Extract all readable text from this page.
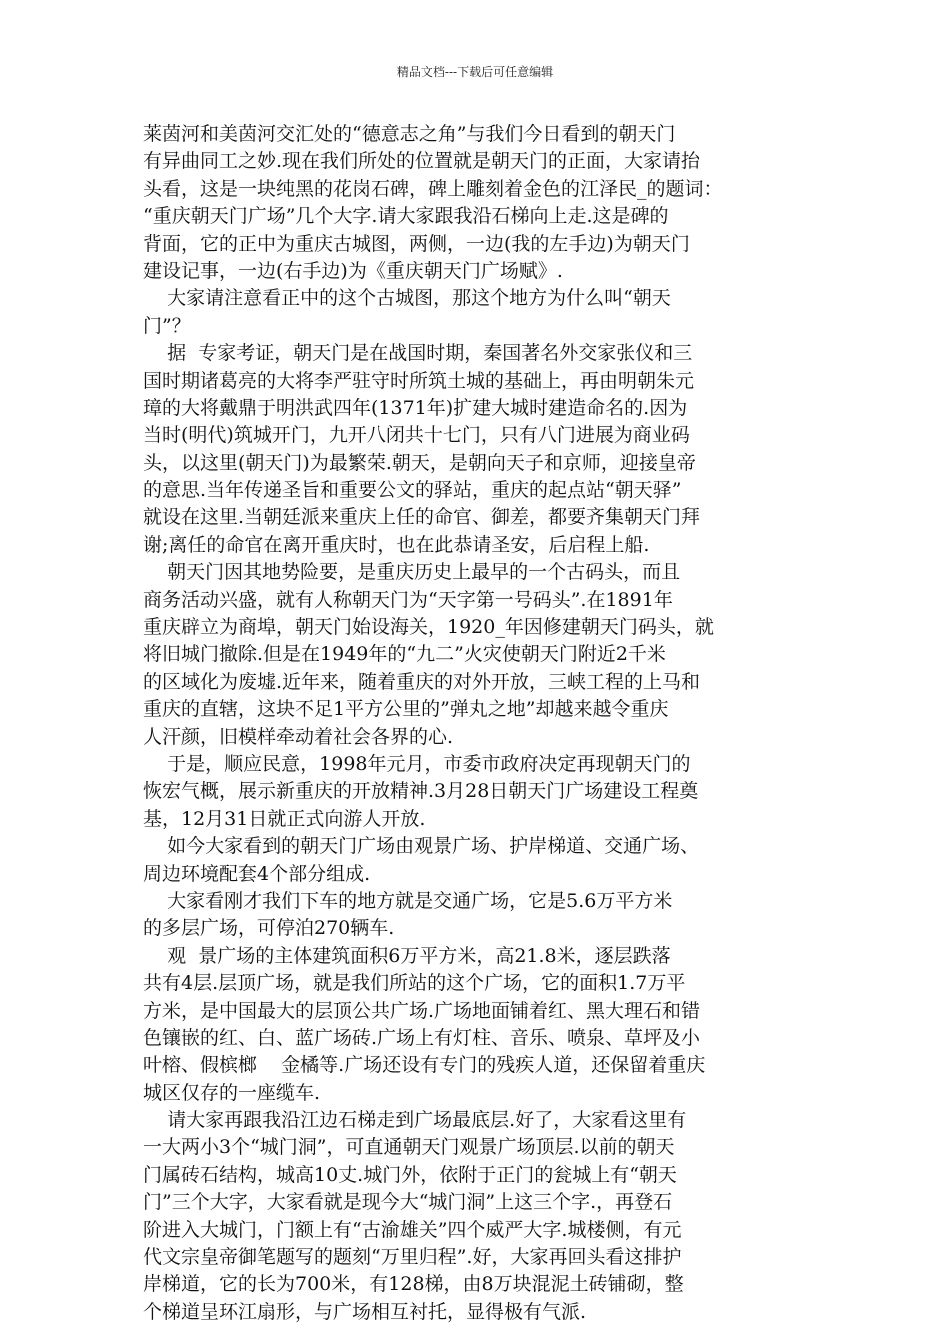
精品文档---下载后可任意编辑
莱茵河和美茵河交汇处的“德意志之角”与我们今日看到的朝天门
有异曲同工之妙.现在我们所处的位置就是朝天门的正面，大家请抬
头看，这是一块纯黑的花岗石碑，碑上雕刻着金色的江泽民_的题词：
“重庆朝天门广场”几个大字.请大家跟我沿石梯向上走.这是碑的
背面，它的正中为重庆古城图，两侧，一边(我的左手边)为朝天门
建设记事，一边(右手边)为《重庆朝天门广场赋》.
大家请注意看正中的这个古城图，那这个地方为什么叫“朝天
门”？
据  专家考证，朝天门是在战国时期，秦国著名外交家张仪和三
国时期诸葛亮的大将李严驻守时所筑土城的基础上，再由明朝朱元
璋的大将戴鼎于明洪武四年(1371年)扩建大城时建造命名的.因为
当时(明代)筑城开门，九开八闭共十七门，只有八门进展为商业码
头，以这里(朝天门)为最繁荣.朝天，是朝向天子和京师，迎接皇帝
的意思.当年传递圣旨和重要公文的驿站，重庆的起点站“朝天驿”
就设在这里.当朝廷派来重庆上任的命官、御差，都要齐集朝天门拜
谢;离任的命官在离开重庆时，也在此恭请圣安，后启程上船.
朝天门因其地势险要，是重庆历史上最早的一个古码头，而且
商务活动兴盛，就有人称朝天门为“天字第一号码头”.在1891年
重庆辟立为商埠，朝天门始设海关，1920_年因修建朝天门码头，就
将旧城门撤除.但是在1949年的“九二”火灾使朝天门附近2千米
的区域化为废墟.近年来，随着重庆的对外开放，三峡工程的上马和
重庆的直辖，这块不足1平方公里的”弹丸之地”却越来越令重庆
人汗颜，旧模样牵动着社会各界的心.
于是，顺应民意，1998年元月，市委市政府决定再现朝天门的
恢宏气概，展示新重庆的开放精神.3月28日朝天门广场建设工程奠
基，12月31日就正式向游人开放.
如今大家看到的朝天门广场由观景广场、护岸梯道、交通广场、
周边环境配套4个部分组成.
大家看刚才我们下车的地方就是交通广场，它是5.6万平方米
的多层广场，可停泊270辆车.
观  景广场的主体建筑面积6万平方米，高21.8米，逐层跌落
共有4层.层顶广场，就是我们所站的这个广场，它的面积1.7万平
方米，是中国最大的层顶公共广场.广场地面铺着红、黑大理石和错
色镶嵌的红、白、蓝广场砖.广场上有灯柱、音乐、喷泉、草坪及小
叶榕、假槟榔    金橘等.广场还设有专门的残疾人道，还保留着重庆
城区仅存的一座缆车.
请大家再跟我沿江边石梯走到广场最底层.好了，大家看这里有
一大两小3个“城门洞”，可直通朝天门观景广场顶层.以前的朝天
门属砖石结构，城高10丈.城门外，依附于正门的瓮城上有“朝天
门”三个大字，大家看就是现今大“城门洞”上这三个字.，再登石
阶进入大城门，门额上有“古渝雄关”四个威严大字.城楼侧，有元
代文宗皇帝御笔题写的题刻“万里归程”.好，大家再回头看这排护
岸梯道，它的长为700米，有128梯，由8万块混泥土砖铺砌，整
个梯道呈环江扇形，与广场相互衬托，显得极有气派.
